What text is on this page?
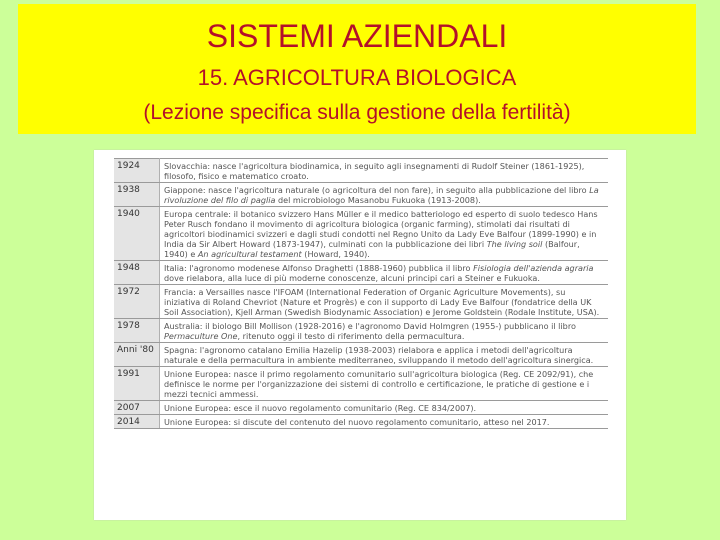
SISTEMI AZIENDALI
15. AGRICOLTURA BIOLOGICA
(Lezione specifica sulla gestione della fertilità)
1924	Slovacchia: nasce l'agricoltura biodinamica, in seguito agli insegnamenti di Rudolf Steiner (1861-1925), filosofo, fisico e matematico croato.
1938	Giappone: nasce l'agricoltura naturale (o agricoltura del non fare), in seguito alla pubblicazione del libro La rivoluzione del filo di paglia del microbiologo Masanobu Fukuoka (1913-2008).
1940	Europa centrale: il botanico svizzero Hans Müller e il medico batteriologo ed esperto di suolo tedesco Hans Peter Rusch fondano il movimento di agricoltura biologica (organic farming), stimolati dai risultati di agricoltori biodinamici svizzeri e dagli studi condotti nel Regno Unito da Lady Eve Balfour (1899-1990) e in India da Sir Albert Howard (1873-1947), culminati con la pubblicazione dei libri The living soil (Balfour, 1940) e An agricultural testament (Howard, 1940).
1948	Italia: l'agronomo modenese Alfonso Draghetti (1888-1960) pubblica il libro Fisiologia dell'azienda agraria dove rielabora, alla luce di più moderne conoscenze, alcuni principi cari a Steiner e Fukuoka.
1972	Francia: a Versailles nasce l'IFOAM (International Federation of Organic Agriculture Movements), su iniziativa di Roland Chevriot (Nature et Progrès) e con il supporto di Lady Eve Balfour (fondatrice della UK Soil Association), Kjell Arman (Swedish Biodynamic Association) e Jerome Goldstein (Rodale Institute, USA).
1978	Australia: il biologo Bill Mollison (1928-2016) e l'agronomo David Holmgren (1955-) pubblicano il libro Permaculture One, ritenuto oggi il testo di riferimento della permacultura.
Anni '80	Spagna: l'agronomo catalano Emilia Hazelip (1938-2003) rielabora e applica i metodi dell'agricoltura naturale e della permacultura in ambiente mediterraneo, sviluppando il metodo dell'agricoltura sinergica.
1991	Unione Europea: nasce il primo regolamento comunitario sull'agricoltura biologica (Reg. CE 2092/91), che definisce le norme per l'organizzazione dei sistemi di controllo e certificazione, le pratiche di gestione e i mezzi tecnici ammessi.
2007	Unione Europea: esce il nuovo regolamento comunitario (Reg. CE 834/2007).
2014	Unione Europea: si discute del contenuto del nuovo regolamento comunitario, atteso nel 2017.
